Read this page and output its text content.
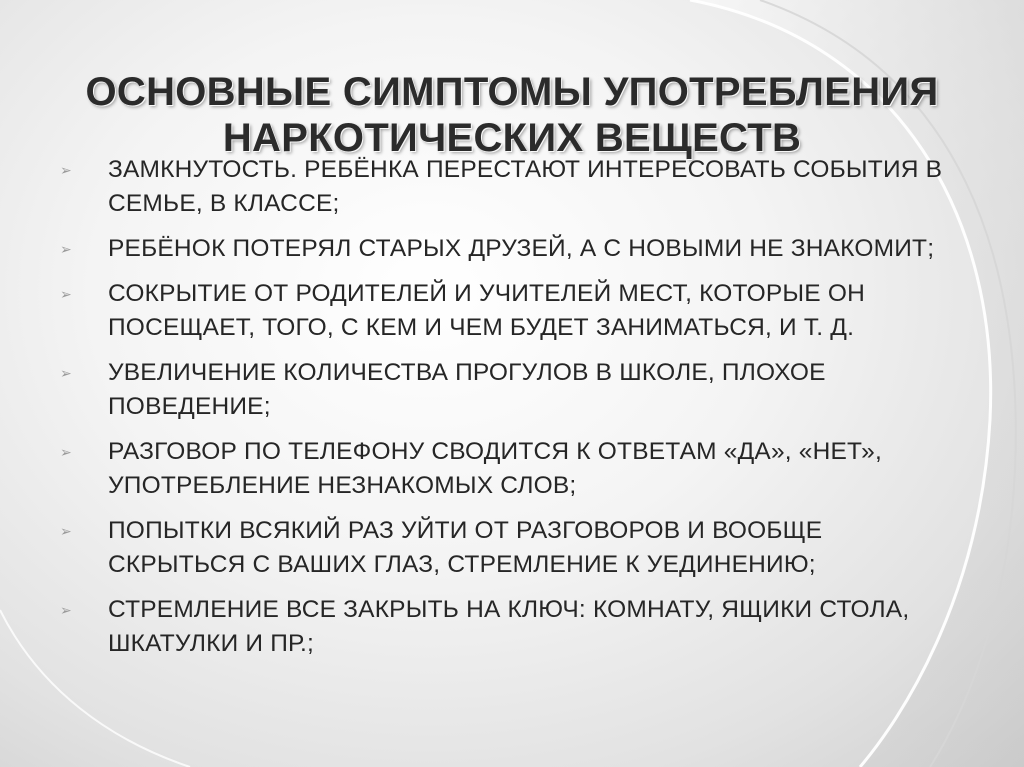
ОСНОВНЫЕ СИМПТОМЫ УПОТРЕБЛЕНИЯ
НАРКОТИЧЕСКИХ ВЕЩЕСТВ
➢	ЗАМКНУТОСТЬ. РЕБЁНКА ПЕРЕСТАЮТ ИНТЕРЕСОВАТЬ СОБЫТИЯ В СЕМЬЕ, В КЛАССЕ;
➢	РЕБЁНОК ПОТЕРЯЛ СТАРЫХ ДРУЗЕЙ, А С НОВЫМИ НЕ ЗНАКОМИТ;
➢	СОКРЫТИЕ ОТ РОДИТЕЛЕЙ И УЧИТЕЛЕЙ МЕСТ, КОТОРЫЕ ОН ПОСЕЩАЕТ, ТОГО, С КЕМ И ЧЕМ БУДЕТ ЗАНИМАТЬСЯ, И Т. Д.
➢	УВЕЛИЧЕНИЕ КОЛИЧЕСТВА ПРОГУЛОВ В ШКОЛЕ, ПЛОХОЕ ПОВЕДЕНИЕ;
➢	РАЗГОВОР ПО ТЕЛЕФОНУ СВОДИТСЯ К ОТВЕТАМ «ДА», «НЕТ», УПОТРЕБЛЕНИЕ НЕЗНАКОМЫХ СЛОВ;
➢	ПОПЫТКИ ВСЯКИЙ РАЗ УЙТИ ОТ РАЗГОВОРОВ И ВООБЩЕ СКРЫТЬСЯ С ВАШИХ ГЛАЗ, СТРЕМЛЕНИЕ К УЕДИНЕНИЮ;
➢	СТРЕМЛЕНИЕ ВСЕ ЗАКРЫТЬ НА КЛЮЧ: КОМНАТУ, ЯЩИКИ СТОЛА, ШКАТУЛКИ И ПР.;
